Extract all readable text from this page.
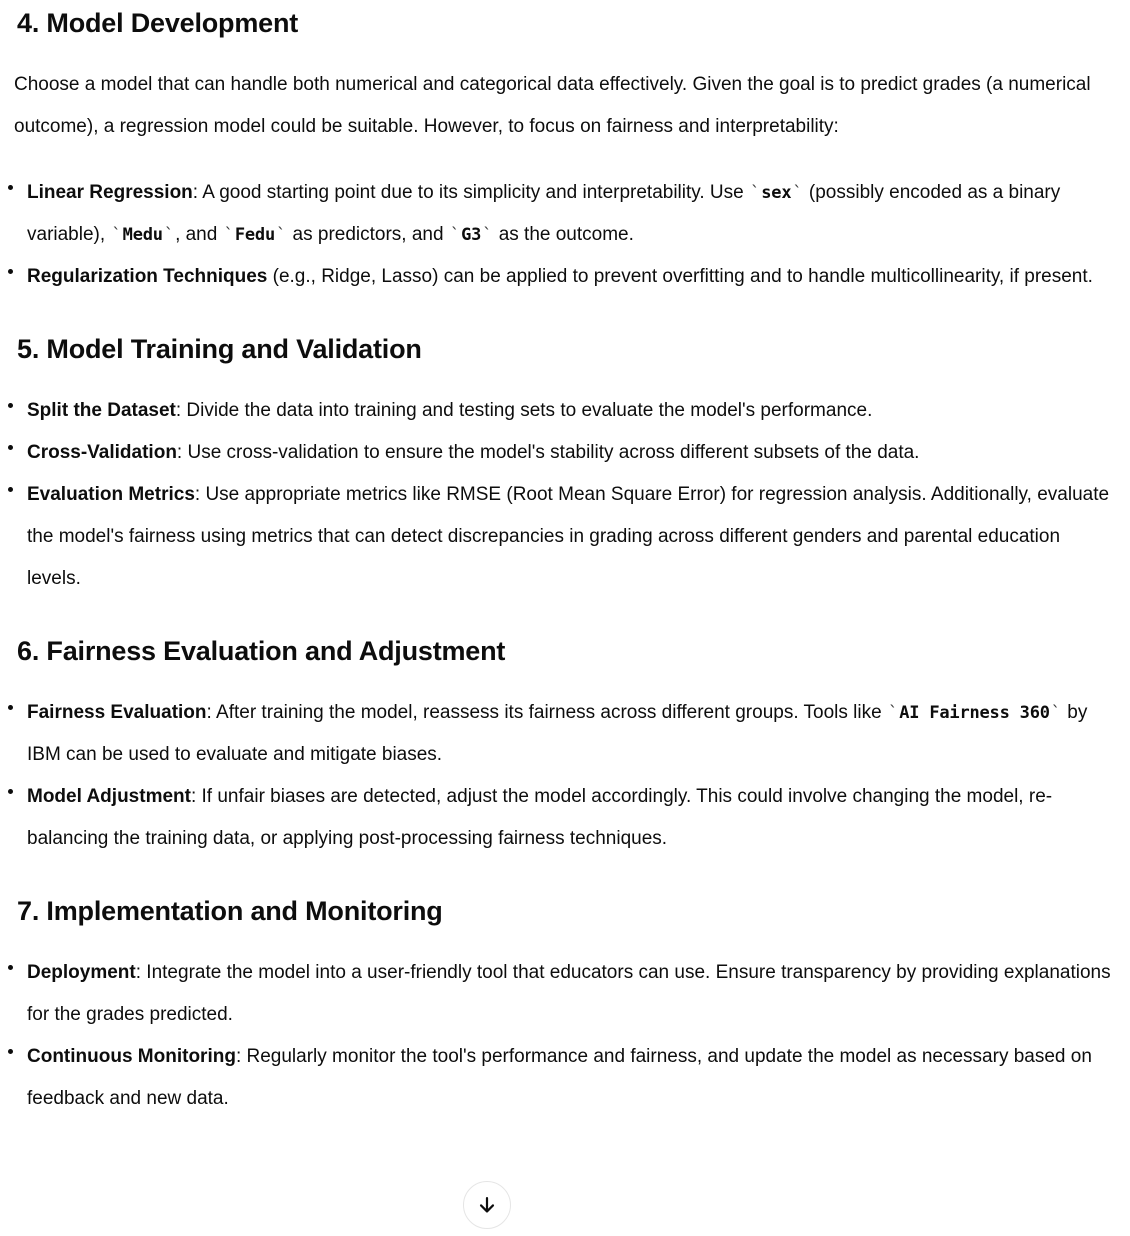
4. Model Development

Choose a model that can handle both numerical and categorical data effectively. Given the goal is to predict grades (a numerical outcome), a regression model could be suitable. However, to focus on fairness and interpretability:

Linear Regression: A good starting point due to its simplicity and interpretability. Use `sex` (possibly encoded as a binary variable), `Medu`, and `Fedu` as predictors, and `G3` as the outcome.
Regularization Techniques (e.g., Ridge, Lasso) can be applied to prevent overfitting and to handle multicollinearity, if present.
5. Model Training and Validation
Split the Dataset: Divide the data into training and testing sets to evaluate the model's performance.
Cross-Validation: Use cross-validation to ensure the model's stability across different subsets of the data.
Evaluation Metrics: Use appropriate metrics like RMSE (Root Mean Square Error) for regression analysis. Additionally, evaluate the model's fairness using metrics that can detect discrepancies in grading across different genders and parental education levels.
6. Fairness Evaluation and Adjustment
Fairness Evaluation: After training the model, reassess its fairness across different groups. Tools like `AI Fairness 360` by IBM can be used to evaluate and mitigate biases.
Model Adjustment: If unfair biases are detected, adjust the model accordingly. This could involve changing the model, re-balancing the training data, or applying post-processing fairness techniques.
7. Implementation and Monitoring
Deployment: Integrate the model into a user-friendly tool that educators can use. Ensure transparency by providing explanations for the grades predicted.
Continuous Monitoring: Regularly monitor the tool's performance and fairness, and update the model as necessary based on feedback and new data.
